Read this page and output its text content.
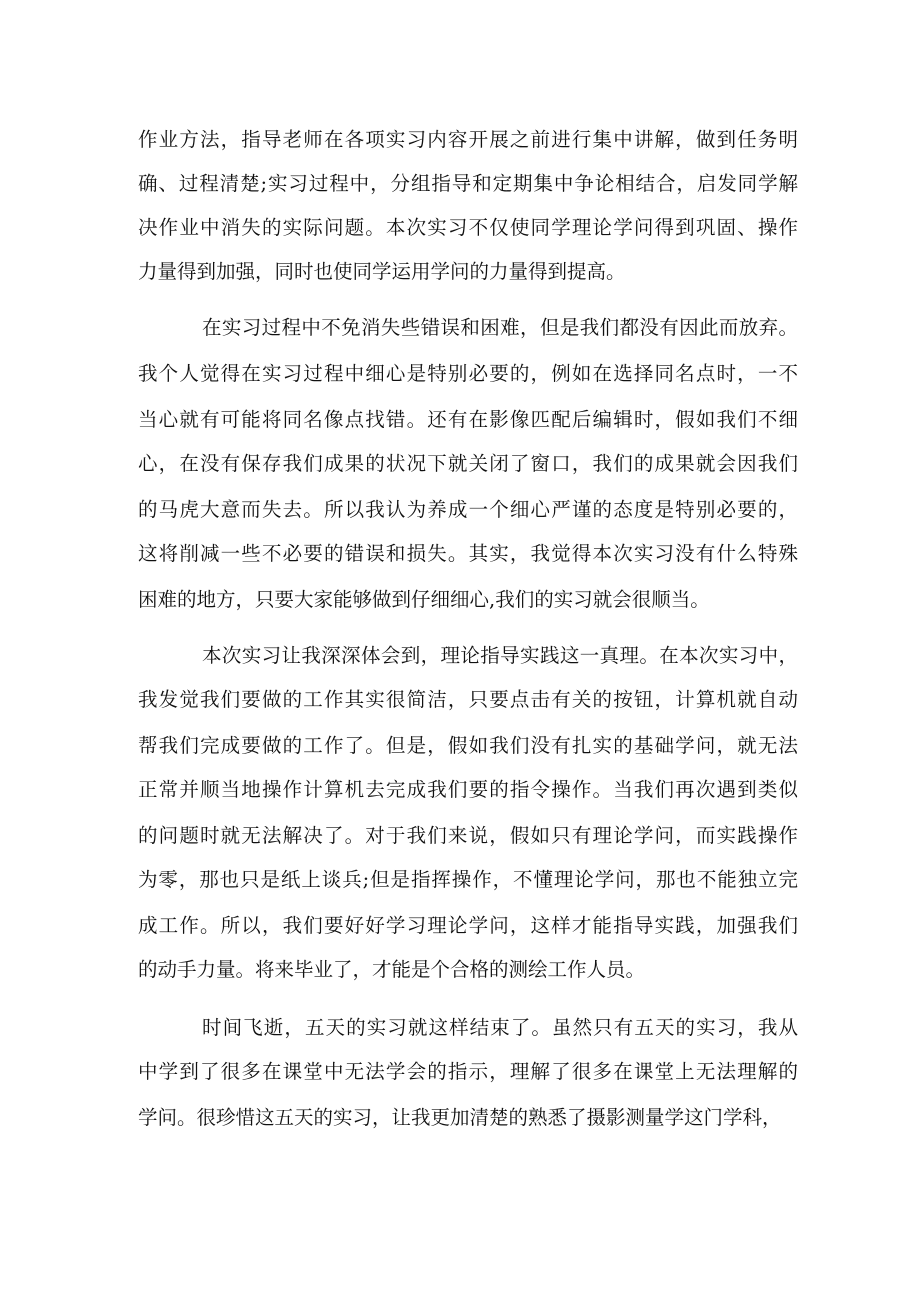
作业方法，指导老师在各项实习内容开展之前进行集中讲解，做到任务明
确、过程清楚;实习过程中，分组指导和定期集中争论相结合，启发同学解
决作业中消失的实际问题。本次实习不仅使同学理论学问得到巩固、操作
力量得到加强，同时也使同学运用学问的力量得到提高。
在实习过程中不免消失些错误和困难，但是我们都没有因此而放弃。
我个人觉得在实习过程中细心是特别必要的，例如在选择同名点时，一不
当心就有可能将同名像点找错。还有在影像匹配后编辑时，假如我们不细
心，在没有保存我们成果的状况下就关闭了窗口，我们的成果就会因我们
的马虎大意而失去。所以我认为养成一个细心严谨的态度是特别必要的，
这将削减一些不必要的错误和损失。其实，我觉得本次实习没有什么特殊
困难的地方，只要大家能够做到仔细细心,我们的实习就会很顺当。
本次实习让我深深体会到，理论指导实践这一真理。在本次实习中，
我发觉我们要做的工作其实很简洁，只要点击有关的按钮，计算机就自动
帮我们完成要做的工作了。但是，假如我们没有扎实的基础学问，就无法
正常并顺当地操作计算机去完成我们要的指令操作。当我们再次遇到类似
的问题时就无法解决了。对于我们来说，假如只有理论学问，而实践操作
为零，那也只是纸上谈兵;但是指挥操作，不懂理论学问，那也不能独立完
成工作。所以，我们要好好学习理论学问，这样才能指导实践，加强我们
的动手力量。将来毕业了，才能是个合格的测绘工作人员。
时间飞逝，五天的实习就这样结束了。虽然只有五天的实习，我从
中学到了很多在课堂中无法学会的指示，理解了很多在课堂上无法理解的
学问。很珍惜这五天的实习，让我更加清楚的熟悉了摄影测量学这门学科，
